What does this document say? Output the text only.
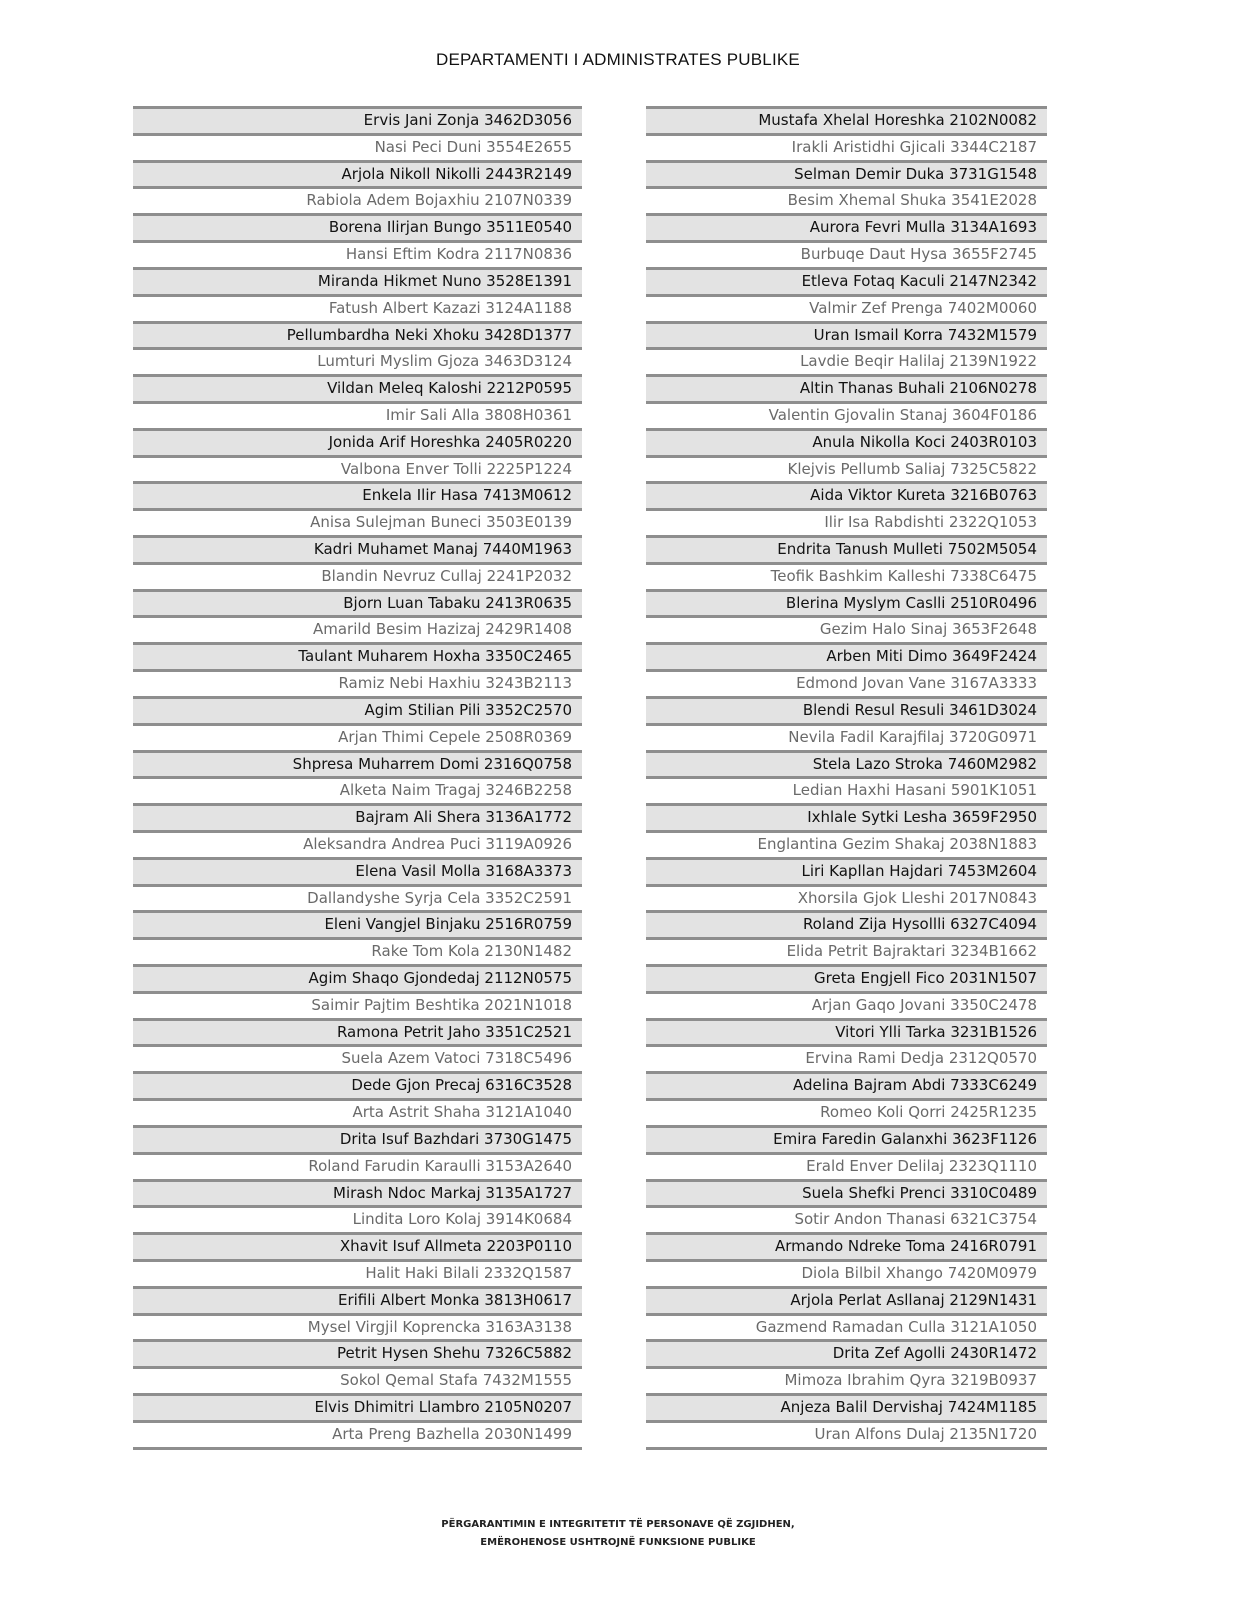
DEPARTAMENTI I ADMINISTRATES PUBLIKE
Ervis Jani Zonja 3462D3056
Nasi Peci Duni 3554E2655
Arjola Nikoll Nikolli 2443R2149
Rabiola Adem Bojaxhiu 2107N0339
Borena Ilirjan Bungo 3511E0540
Hansi Eftim Kodra 2117N0836
Miranda Hikmet Nuno 3528E1391
Fatush Albert Kazazi 3124A1188
Pellumbardha Neki Xhoku 3428D1377
Lumturi Myslim Gjoza 3463D3124
Vildan Meleq Kaloshi 2212P0595
Imir Sali Alla 3808H0361
Jonida Arif Horeshka 2405R0220
Valbona Enver Tolli 2225P1224
Enkela Ilir Hasa 7413M0612
Anisa Sulejman Buneci 3503E0139
Kadri Muhamet Manaj 7440M1963
Blandin Nevruz Cullaj 2241P2032
Bjorn Luan Tabaku 2413R0635
Amarild Besim Hazizaj 2429R1408
Taulant Muharem Hoxha 3350C2465
Ramiz Nebi Haxhiu 3243B2113
Agim Stilian Pili 3352C2570
Arjan Thimi Cepele 2508R0369
Shpresa Muharrem Domi 2316Q0758
Alketa Naim Tragaj 3246B2258
Bajram Ali Shera 3136A1772
Aleksandra Andrea Puci 3119A0926
Elena Vasil Molla 3168A3373
Dallandyshe Syrja Cela 3352C2591
Eleni Vangjel Binjaku 2516R0759
Rake Tom Kola 2130N1482
Agim Shaqo Gjondedaj 2112N0575
Saimir Pajtim Beshtika 2021N1018
Ramona Petrit Jaho 3351C2521
Suela Azem Vatoci 7318C5496
Dede Gjon Precaj 6316C3528
Arta Astrit Shaha 3121A1040
Drita Isuf Bazhdari 3730G1475
Roland Farudin Karaulli 3153A2640
Mirash Ndoc Markaj 3135A1727
Lindita Loro Kolaj 3914K0684
Xhavit Isuf Allmeta 2203P0110
Halit Haki Bilali 2332Q1587
Erifili Albert Monka 3813H0617
Mysel Virgjil Koprencka 3163A3138
Petrit Hysen Shehu 7326C5882
Sokol Qemal Stafa 7432M1555
Elvis Dhimitri Llambro 2105N0207
Arta Preng Bazhella 2030N1499
Mustafa Xhelal Horeshka 2102N0082
Irakli Aristidhi Gjicali 3344C2187
Selman Demir Duka 3731G1548
Besim Xhemal Shuka 3541E2028
Aurora Fevri Mulla 3134A1693
Burbuqe Daut Hysa 3655F2745
Etleva Fotaq Kaculi 2147N2342
Valmir Zef Prenga 7402M0060
Uran Ismail Korra 7432M1579
Lavdie Beqir Halilaj 2139N1922
Altin Thanas Buhali 2106N0278
Valentin Gjovalin Stanaj 3604F0186
Anula Nikolla Koci 2403R0103
Klejvis Pellumb Saliaj 7325C5822
Aida Viktor Kureta 3216B0763
Ilir Isa Rabdishti 2322Q1053
Endrita Tanush Mulleti 7502M5054
Teofik Bashkim Kalleshi 7338C6475
Blerina Myslym Caslli 2510R0496
Gezim Halo Sinaj 3653F2648
Arben Miti Dimo 3649F2424
Edmond Jovan Vane 3167A3333
Blendi Resul Resuli 3461D3024
Nevila Fadil Karajfilaj 3720G0971
Stela Lazo Stroka 7460M2982
Ledian Haxhi Hasani 5901K1051
Ixhlale Sytki Lesha 3659F2950
Englantina Gezim Shakaj 2038N1883
Liri Kapllan Hajdari 7453M2604
Xhorsila Gjok Lleshi 2017N0843
Roland Zija Hysollli 6327C4094
Elida Petrit Bajraktari 3234B1662
Greta Engjell Fico 2031N1507
Arjan Gaqo Jovani 3350C2478
Vitori Ylli Tarka 3231B1526
Ervina Rami Dedja 2312Q0570
Adelina Bajram Abdi 7333C6249
Romeo Koli Qorri 2425R1235
Emira Faredin Galanxhi 3623F1126
Erald Enver Delilaj 2323Q1110
Suela Shefki Prenci 3310C0489
Sotir Andon Thanasi 6321C3754
Armando Ndreke Toma 2416R0791
Diola Bilbil Xhango 7420M0979
Arjola Perlat Asllanaj 2129N1431
Gazmend Ramadan Culla 3121A1050
Drita Zef Agolli 2430R1472
Mimoza Ibrahim Qyra 3219B0937
Anjeza Balil Dervishaj 7424M1185
Uran Alfons Dulaj 2135N1720
PËRGARANTIMIN E INTEGRITETIT TË PERSONAVE QË ZGJIDHEN,
EMËROHENOSE USHTROJNË FUNKSIONE PUBLIKE
